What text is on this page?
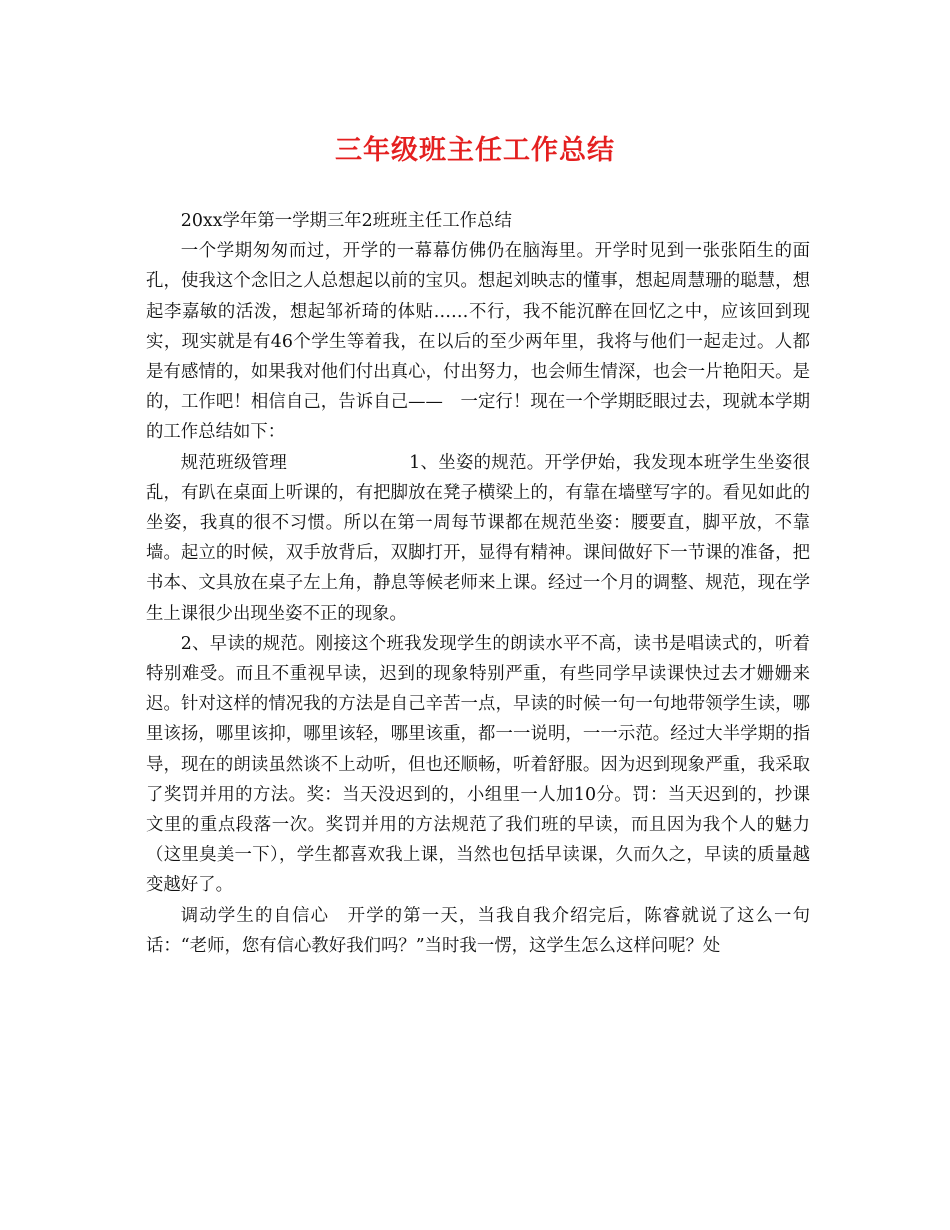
三年级班主任工作总结

20xx学年第一学期三年2班班主任工作总结

一个学期匆匆而过，开学的一幕幕仿佛仍在脑海里。开学时见到一张张陌生的面孔，使我这个念旧之人总想起以前的宝贝。想起刘映志的懂事，想起周慧珊的聪慧，想起李嘉敏的活泼，想起邹祈琦的体贴……不行，我不能沉醉在回忆之中，应该回到现实，现实就是有46个学生等着我，在以后的至少两年里，我将与他们一起走过。人都是有感情的，如果我对他们付出真心，付出努力，也会师生情深，也会一片艳阳天。是的，工作吧！相信自己，告诉自己——　一定行！现在一个学期眨眼过去，现就本学期的工作总结如下：

规范班级管理	1、坐姿的规范。开学伊始，我发现本班学生坐姿很乱，有趴在桌面上听课的，有把脚放在凳子横梁上的，有靠在墙壁写字的。看见如此的坐姿，我真的很不习惯。所以在第一周每节课都在规范坐姿：腰要直，脚平放，不靠墙。起立的时候，双手放背后，双脚打开，显得有精神。课间做好下一节课的准备，把书本、文具放在桌子左上角，静息等候老师来上课。经过一个月的调整、规范，现在学生上课很少出现坐姿不正的现象。

2、早读的规范。刚接这个班我发现学生的朗读水平不高，读书是唱读式的，听着特别难受。而且不重视早读，迟到的现象特别严重，有些同学早读课快过去才姗姗来迟。针对这样的情况我的方法是自己辛苦一点，早读的时候一句一句地带领学生读，哪里该扬，哪里该抑，哪里该轻，哪里该重，都一一说明，一一示范。经过大半学期的指导，现在的朗读虽然谈不上动听，但也还顺畅，听着舒服。因为迟到现象严重，我采取了奖罚并用的方法。奖：当天没迟到的，小组里一人加10分。罚：当天迟到的，抄课文里的重点段落一次。奖罚并用的方法规范了我们班的早读，而且因为我个人的魅力（这里臭美一下），学生都喜欢我上课，当然也包括早读课，久而久之，早读的质量越变越好了。

调动学生的自信心　 开学的第一天，当我自我介绍完后，陈睿就说了这么一句话：“老师，您有信心教好我们吗？”当时我一愣，这学生怎么这样问呢？处
